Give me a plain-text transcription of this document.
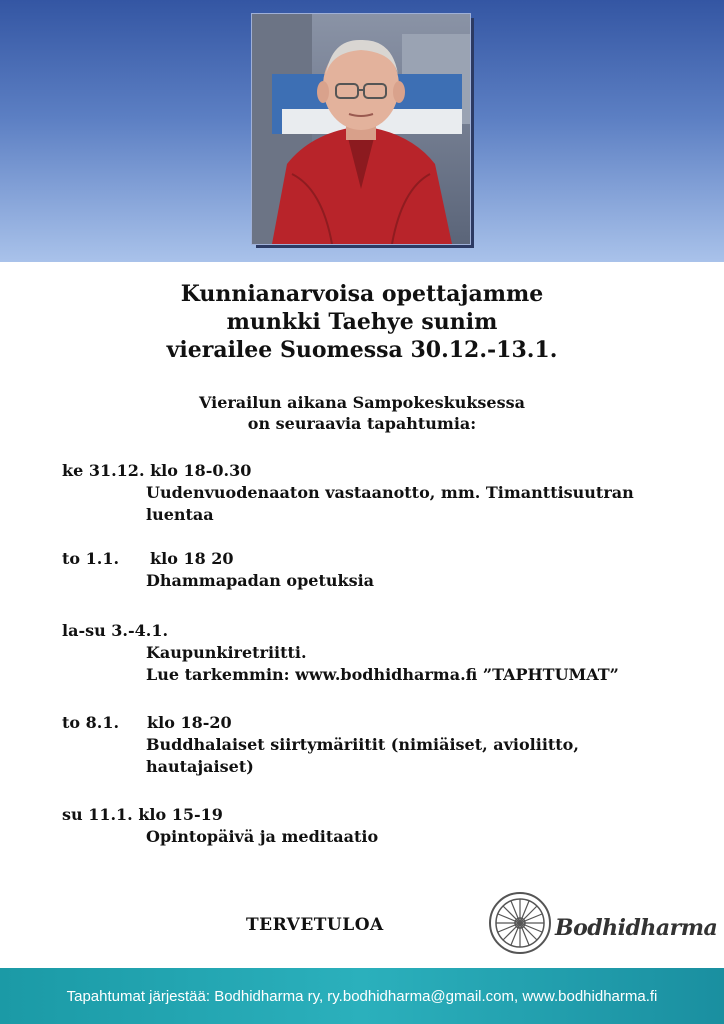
Kunnianarvoisa opettajamme
munkki Taehye sunim
vierailee Suomessa 30.12.-13.1.
Vierailun aikana Sampokeskuksessa
on seuraavia tapahtumia:
ke 31.12. klo 18-0.30
Uudenvuodenaaton vastaanotto, mm. Timanttisuutran
luentaa
to 1.1. klo 18 20
Dhammapadan opetuksia
la-su 3.-4.1.
Kaupunkiretriitti.
Lue tarkemmin: www.bodhidharma.fi ”TAPHTUMAT”
to 8.1. klo 18-20
Buddhalaiset siirtymäriitit (nimiäiset, avioliitto,
hautajaiset)
su 11.1. klo 15-19
Opintopäivä ja meditaatio
TERVETULOA	Bodhidharma
Tapahtumat järjestää: Bodhidharma ry, ry.bodhidharma@gmail.com, www.bodhidharma.fi
